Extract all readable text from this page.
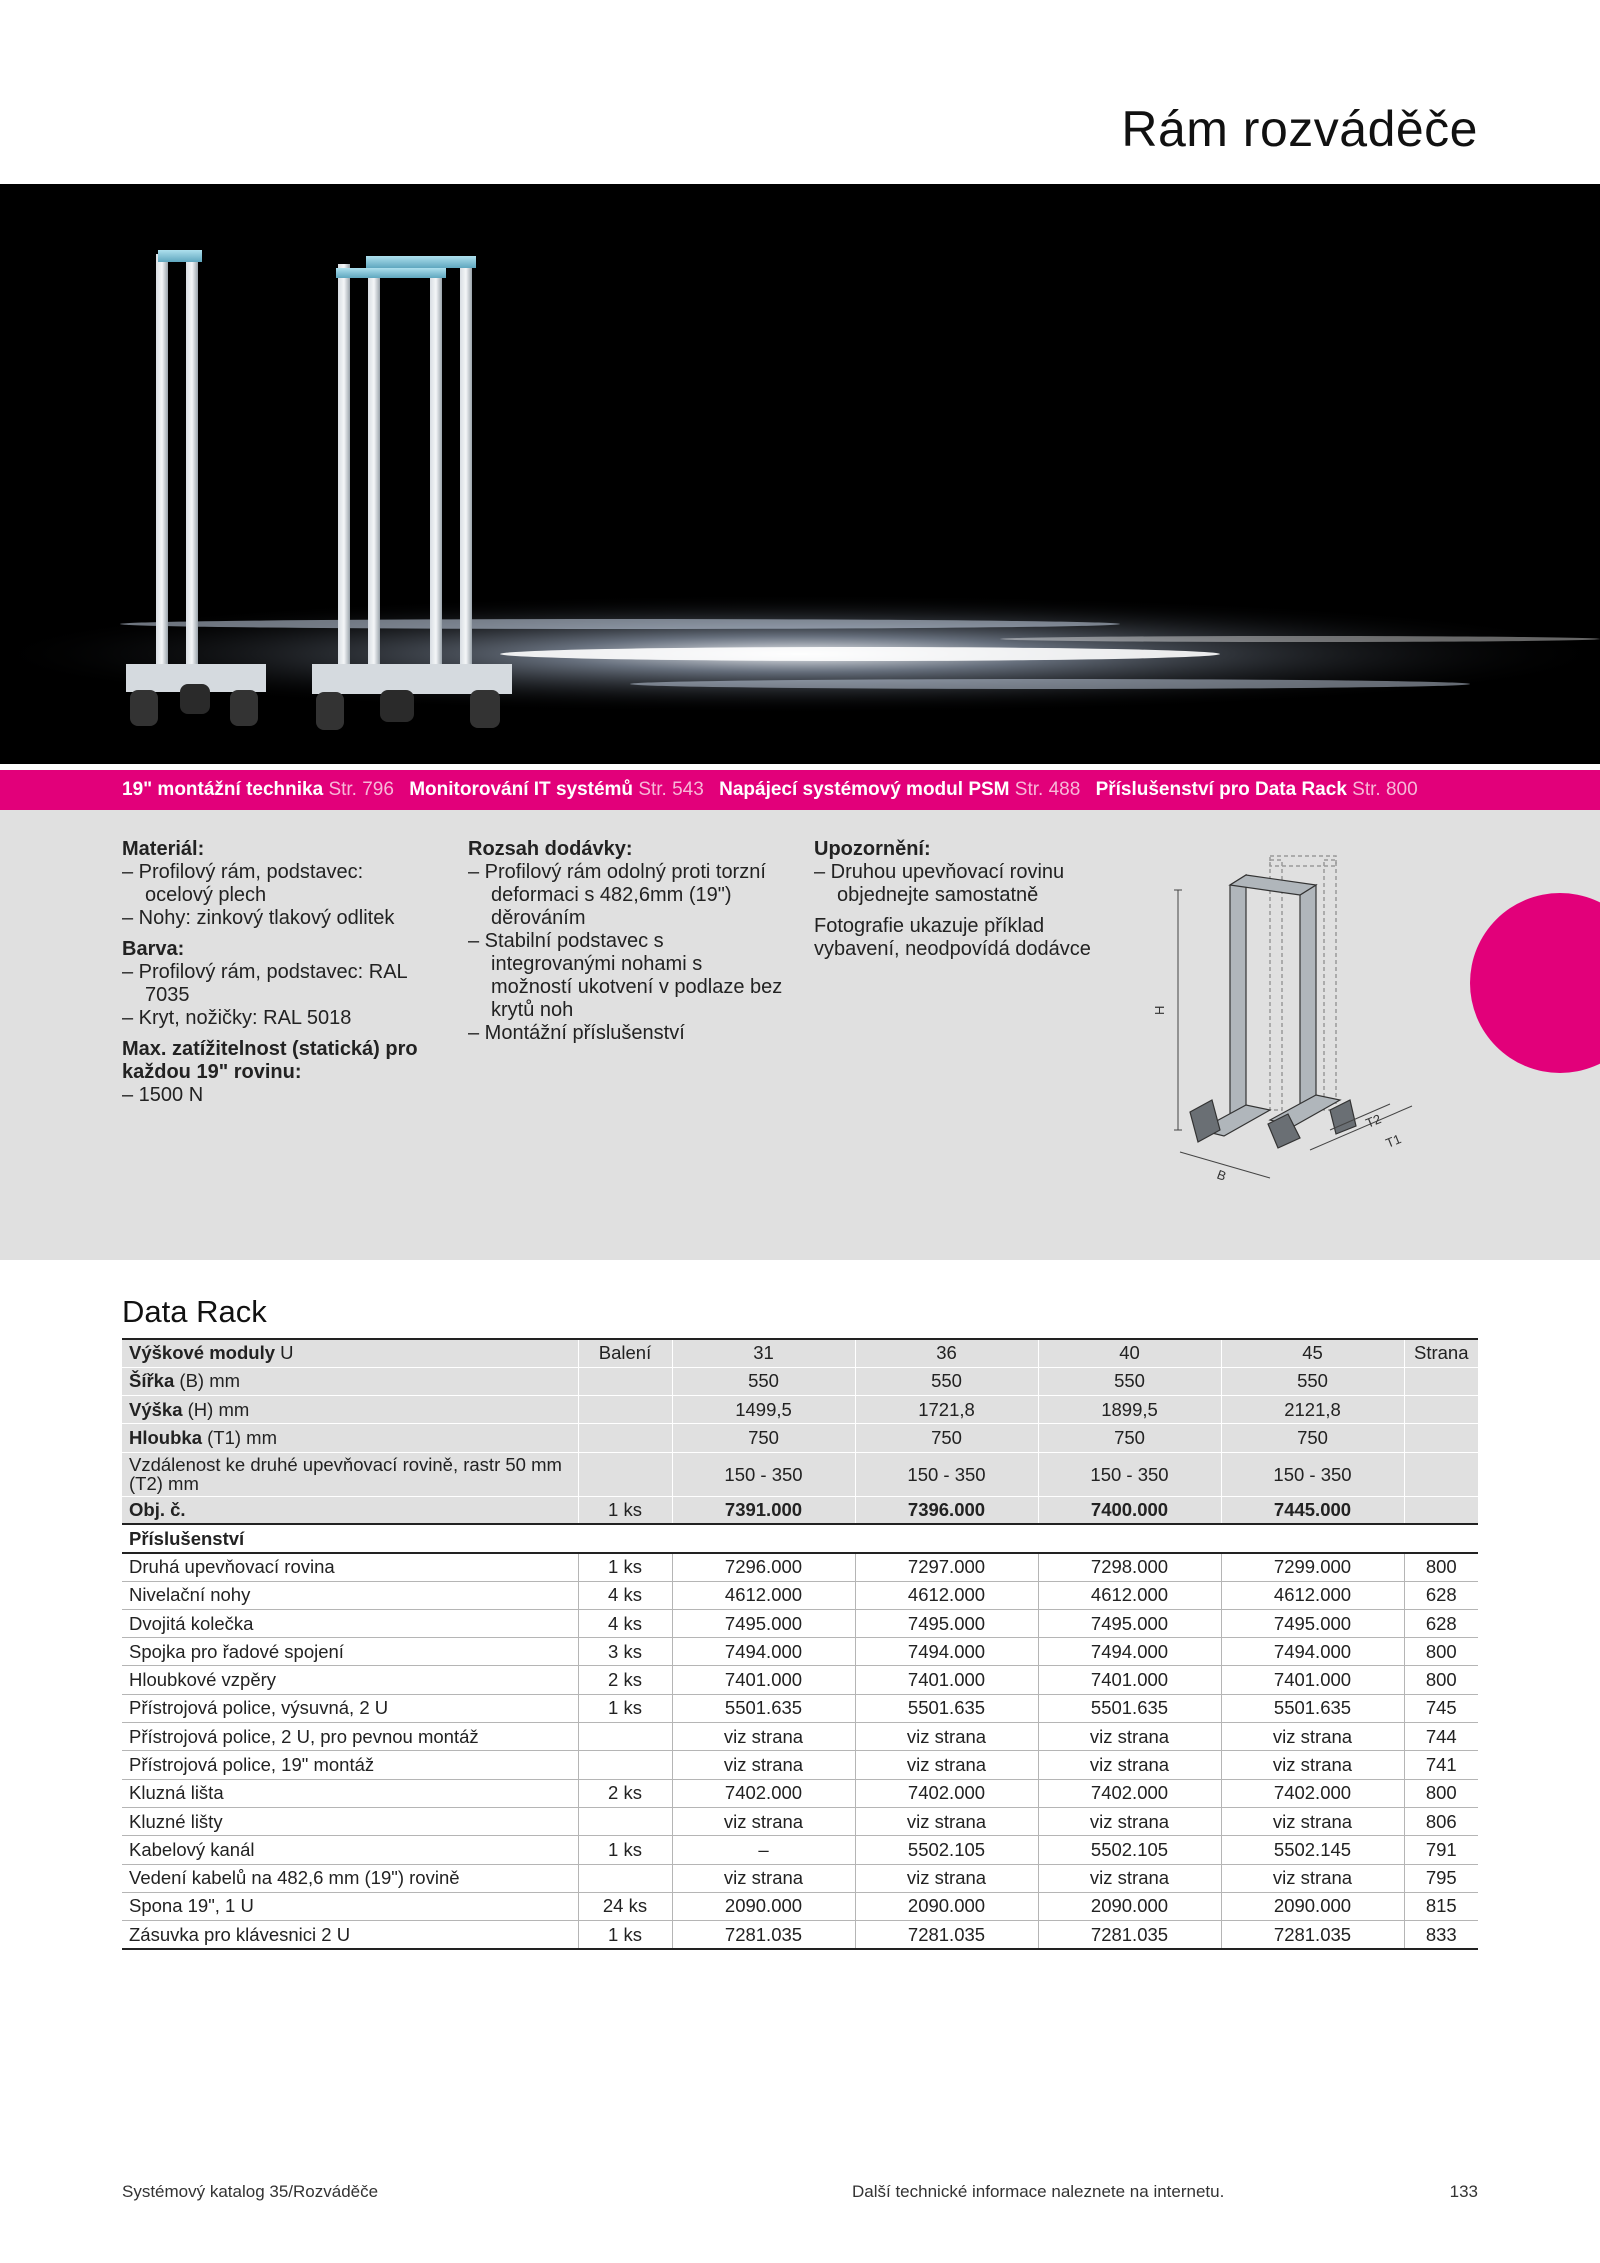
Rám rozváděče
19" montážní technika Str. 796 Monitorování IT systémů Str. 543 Napájecí systémový modul PSM Str. 488 Příslušenství pro Data Rack Str. 800
Materiál:
– Profilový rám, podstavec: ocelový plech
– Nohy: zinkový tlakový odlitek
Barva:
– Profilový rám, podstavec: RAL 7035
– Kryt, nožičky: RAL 5018
Max. zatížitelnost (statická) pro každou 19" rovinu:
– 1500 N
Rozsah dodávky:
– Profilový rám odolný proti torzní deformaci s 482,6mm (19") děrováním
– Stabilní podstavec s integrovanými nohami s možností ukotvení v podlaze bez krytů noh
– Montážní příslušenství
Upozornění:
– Druhou upevňovací rovinu objednejte samostatně

Fotografie ukazuje příklad vybavení, neodpovídá dodávce

H
B
T1
T2
Data Rack
Výškové moduly U	Balení	31	36	40	45	Strana
Šířka (B) mm		550	550	550	550	
Výška (H) mm		1499,5	1721,8	1899,5	2121,8	
Hloubka (T1) mm		750	750	750	750	
Vzdálenost ke druhé upevňovací rovině, rastr 50 mm (T2) mm		150 - 350	150 - 350	150 - 350	150 - 350	
Obj. č.	1 ks	7391.000	7396.000	7400.000	7445.000	
Příslušenství						
Druhá upevňovací rovina	1 ks	7296.000	7297.000	7298.000	7299.000	800
Nivelační nohy	4 ks	4612.000	4612.000	4612.000	4612.000	628
Dvojitá kolečka	4 ks	7495.000	7495.000	7495.000	7495.000	628
Spojka pro řadové spojení	3 ks	7494.000	7494.000	7494.000	7494.000	800
Hloubkové vzpěry	2 ks	7401.000	7401.000	7401.000	7401.000	800
Přístrojová police, výsuvná, 2 U	1 ks	5501.635	5501.635	5501.635	5501.635	745
Přístrojová police, 2 U, pro pevnou montáž		viz strana	viz strana	viz strana	viz strana	744
Přístrojová police, 19" montáž		viz strana	viz strana	viz strana	viz strana	741
Kluzná lišta	2 ks	7402.000	7402.000	7402.000	7402.000	800
Kluzné lišty		viz strana	viz strana	viz strana	viz strana	806
Kabelový kanál	1 ks	–	5502.105	5502.105	5502.145	791
Vedení kabelů na 482,6 mm (19") rovině		viz strana	viz strana	viz strana	viz strana	795
Spona 19", 1 U	24 ks	2090.000	2090.000	2090.000	2090.000	815
Zásuvka pro klávesnici 2 U	1 ks	7281.035	7281.035	7281.035	7281.035	833
Systémový katalog 35/Rozváděče	Další technické informace naleznete na internetu.	133
